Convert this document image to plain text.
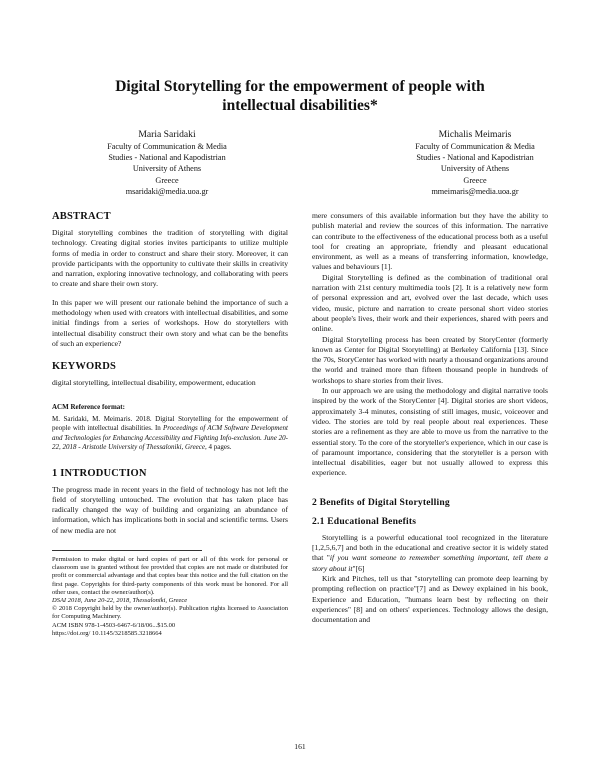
Digital Storytelling for the empowerment of people with
intellectual disabilities*
Maria Saridaki
Faculty of Communication & Media
Studies - National and Kapodistrian
University of Athens
Greece
msaridaki@media.uoa.gr
Michalis Meimaris
Faculty of Communication & Media
Studies - National and Kapodistrian
University of Athens
Greece
mmeimaris@media.uoa.gr
ABSTRACT

Digital storytelling combines the tradition of storytelling with digital technology. Creating digital stories invites participants to utilize multiple forms of media in order to construct and share their story. Moreover, it can provide participants with the opportunity to cultivate their skills in creativity and narration, exploring innovative technology, and collaborating with peers to create and share their own story.

In this paper we will present our rationale behind the importance of such a methodology when used with creators with intellectual disabilities, and some initial findings from a series of workshops. How do storytellers with intellectual disability construct their own story and what can be the benefits of such an experience?

KEYWORDS

digital storytelling, intellectual disability, empowerment, education

ACM Reference format:

M. Saridaki, M. Meimaris. 2018. Digital Storytelling for the empowerment of people with intellectual disabilities. In Proceedings of ACM Software Development and Technologies for Enhancing Accessibility and Fighting Info-exclusion. June 20-22, 2018 - Aristotle University of Thessaloniki, Greece, 4 pages.

1 INTRODUCTION

The progress made in recent years in the field of technology has not left the field of storytelling untouched. The evolution that has taken place has radically changed the way of building and organizing an abundance of information, which has implications both in social and scientific terms. Users of new media are not

Permission to make digital or hard copies of part or all of this work for personal or classroom use is granted without fee provided that copies are not made or distributed for profit or commercial advantage and that copies bear this notice and the full citation on the first page. Copyrights for third-party components of this work must be honored. For all other uses, contact the owner/author(s).

DSAI 2018, June 20-22, 2018, Thessaloniki, Greece

© 2018 Copyright held by the owner/author(s). Publication rights licensed to Association for Computing Machinery.

ACM ISBN 978-1-4503-6467-6/18/06...$15.00

https://doi.org/ 10.1145/3218585.3218664

mere consumers of this available information but they have the ability to publish material and review the sources of this information. The narrative can contribute to the effectiveness of the educational process both as a useful tool for creating an appropriate, friendly and pleasant educational environment, as well as a means of transferring information, knowledge, values and behaviours [1].

Digital Storytelling is defined as the combination of traditional oral narration with 21st century multimedia tools [2]. It is a relatively new form of personal expression and art, evolved over the last decade, which uses video, music, picture and narration to create personal short video stories about people's lives, their work and their experiences, shared with peers and online.

Digital Storytelling process has been created by StoryCenter (formerly known as Center for Digital Storytelling) at Berkeley California [13]. Since the 70s, StoryCenter has worked with nearly a thousand organizations around the world and trained more than fifteen thousand people in hundreds of workshops to share stories from their lives.

In our approach we are using the methodology and digital narrative tools inspired by the work of the StoryCenter [4]. Digital stories are short videos, approximately 3-4 minutes, consisting of still images, music, voiceover and video. The stories are told by real people about real experiences. These stories are a refinement as they are able to move us from the narrative to the essential story. To the core of the storyteller's experience, which in our case is of paramount importance, considering that the storyteller is a person with intellectual disabilities, eager but not usually allowed to express this experience.

2 Benefits of Digital Storytelling
2.1 Educational Benefits

Storytelling is a powerful educational tool recognized in the literature [1,2,5,6,7] and both in the educational and creative sector it is widely stated that "if you want someone to remember something important, tell them a story about it"[6]

Kirk and Pitches, tell us that "storytelling can promote deep learning by prompting reflection on practice"[7] and as Dewey explained in his book, Experience and Education, "humans learn best by reflecting on their experiences" [8] and on others' experiences. Technology allows the design, documentation and

161
